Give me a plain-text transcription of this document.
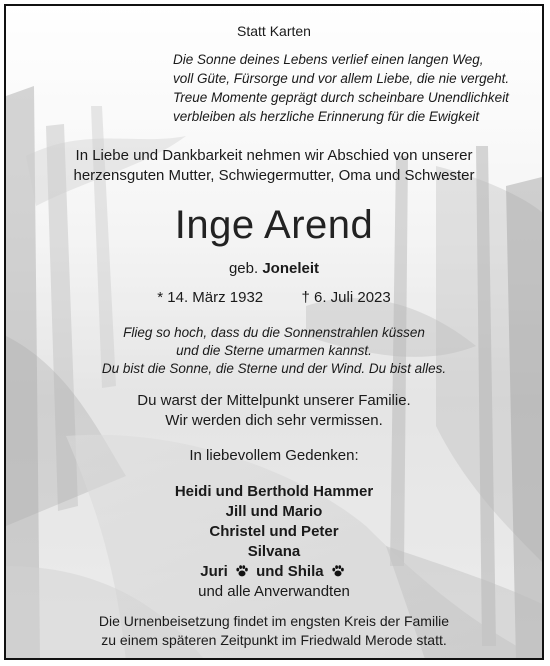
Statt Karten
Die Sonne deines Lebens verlief einen langen Weg,
voll Güte, Fürsorge und vor allem Liebe, die nie vergeht.
Treue Momente geprägt durch scheinbare Unendlichkeit
verbleiben als herzliche Erinnerung für die Ewigkeit
In Liebe und Dankbarkeit nehmen wir Abschied von unserer
herzensguten Mutter, Schwiegermutter, Oma und Schwester
Inge Arend
geb. Joneleit
* 14. März 1932	† 6. Juli 2023
Flieg so hoch, dass du die Sonnenstrahlen küssen
und die Sterne umarmen kannst.
Du bist die Sonne, die Sterne und der Wind. Du bist alles.
Du warst der Mittelpunkt unserer Familie.
Wir werden dich sehr vermissen.
In liebevollem Gedenken:
Heidi und Berthold Hammer
Jill und Mario
Christel und Peter
Silvana
Juri und Shila
und alle Anverwandten
Die Urnenbeisetzung findet im engsten Kreis der Familie
zu einem späteren Zeitpunkt im Friedwald Merode statt.
